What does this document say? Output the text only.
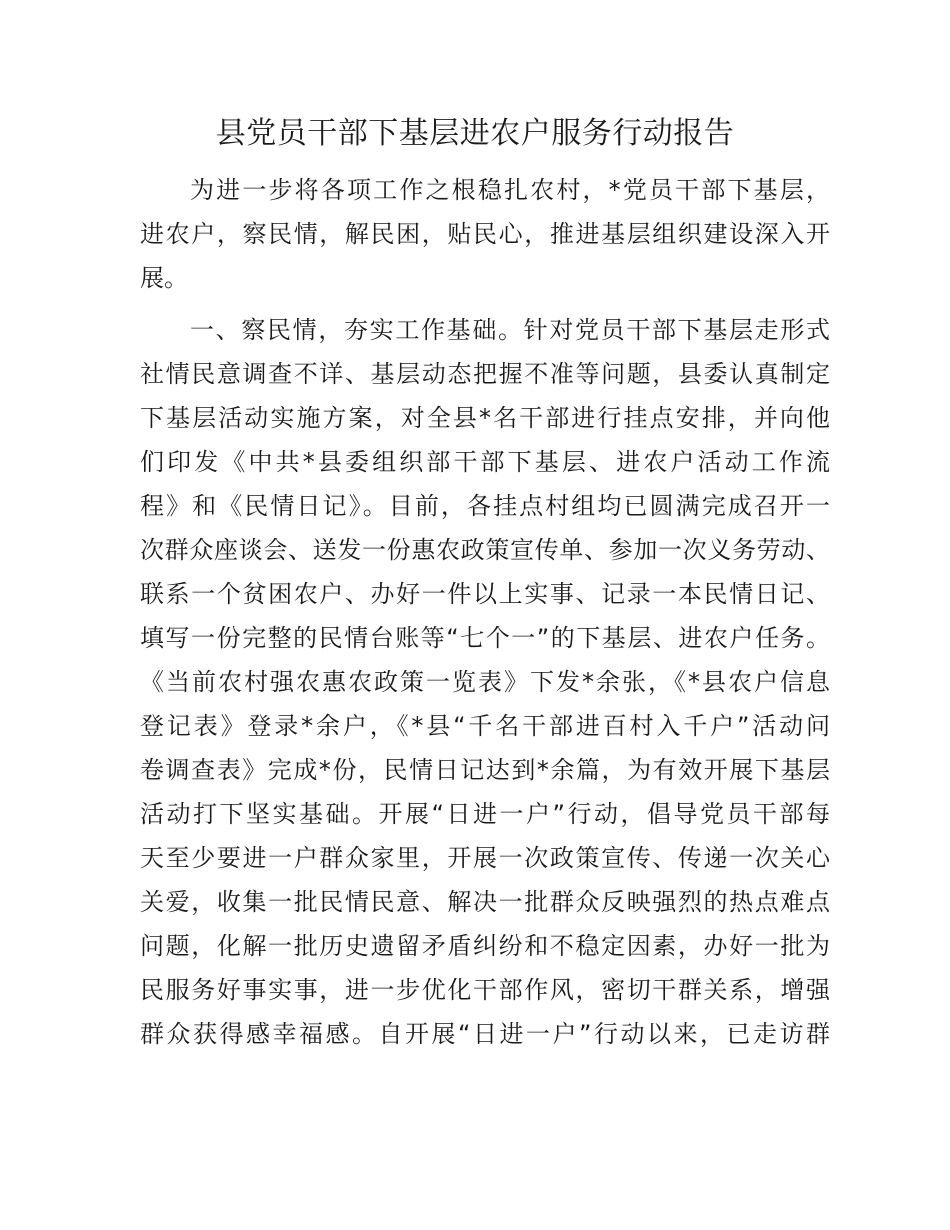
县党员干部下基层进农户服务行动报告

为进一步将各项工作之根稳扎农村，*党员干部下基层，

进农户，察民情，解民困，贴民心，推进基层组织建设深入开

展。

一、察民情，夯实工作基础。针对党员干部下基层走形式

社情民意调查不详、基层动态把握不准等问题，县委认真制定

下基层活动实施方案，对全县*名干部进行挂点安排，并向他

们印发《中共*县委组织部干部下基层、进农户活动工作流

程》和《民情日记》。目前，各挂点村组均已圆满完成召开一

次群众座谈会、送发一份惠农政策宣传单、参加一次义务劳动、

联系一个贫困农户、办好一件以上实事、记录一本民情日记、

填写一份完整的民情台账等“七个一”的下基层、进农户任务。

《当前农村强农惠农政策一览表》下发*余张，《*县农户信息

登记表》登录*余户，《*县“千名干部进百村入千户”活动问

卷调查表》完成*份，民情日记达到*余篇，为有效开展下基层

活动打下坚实基础。开展“日进一户”行动，倡导党员干部每

天至少要进一户群众家里，开展一次政策宣传、传递一次关心

关爱，收集一批民情民意、解决一批群众反映强烈的热点难点

问题，化解一批历史遗留矛盾纠纷和不稳定因素，办好一批为

民服务好事实事，进一步优化干部作风，密切干群关系，增强

群众获得感幸福感。自开展“日进一户”行动以来，已走访群
